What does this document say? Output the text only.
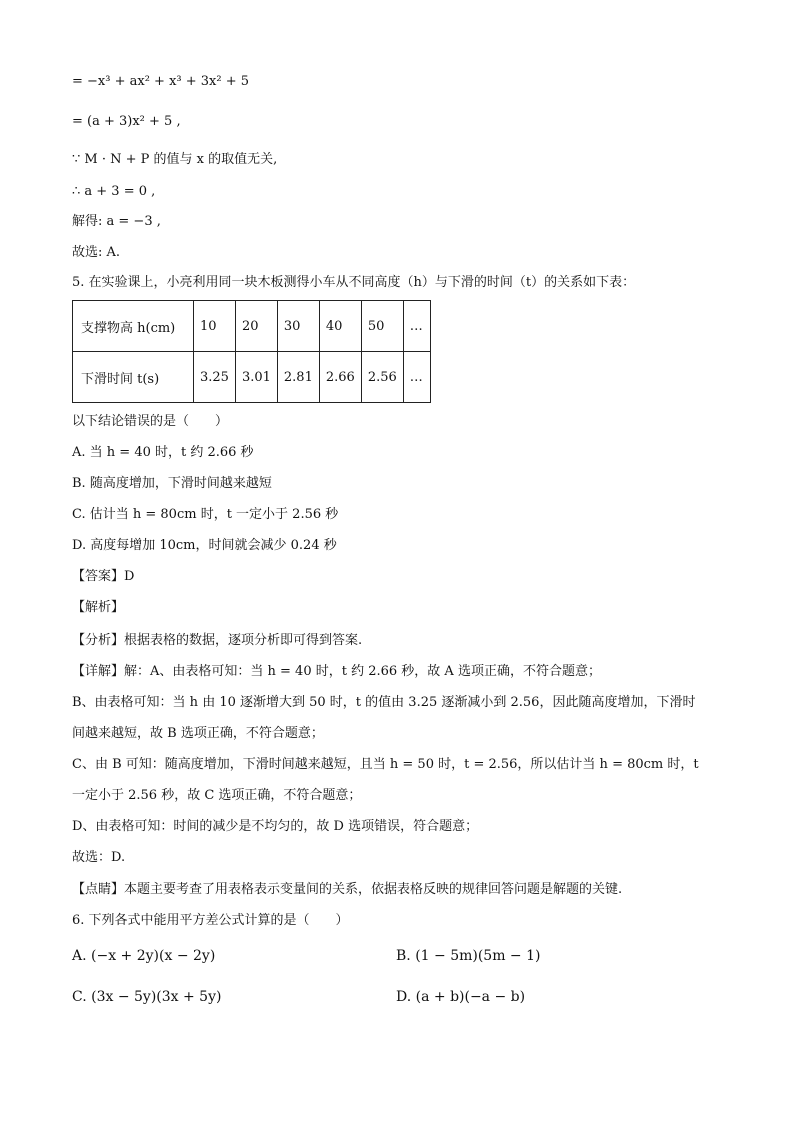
= −x³ + ax² + x³ + 3x² + 5
= (a + 3)x² + 5 ,
∵ M · N + P 的值与 x 的取值无关,
∴ a + 3 = 0 ,
解得: a = −3 ,
故选: A.
5. 在实验课上，小亮利用同一块木板测得小车从不同高度（h）与下滑的时间（t）的关系如下表：
支撑物高 h(cm)	10	20	30	40	50	…
下滑时间 t(s)	3.25	3.01	2.81	2.66	2.56	…
以下结论错误的是（　　）
A. 当 h = 40 时，t 约 2.66 秒
B. 随高度增加，下滑时间越来越短
C. 估计当 h = 80cm 时，t 一定小于 2.56 秒
D. 高度每增加 10cm，时间就会减少 0.24 秒
【答案】D
【解析】
【分析】根据表格的数据，逐项分析即可得到答案.
【详解】解：A、由表格可知：当 h = 40 时，t 约 2.66 秒，故 A 选项正确，不符合题意；
B、由表格可知：当 h 由 10 逐渐增大到 50 时，t 的值由 3.25 逐渐减小到 2.56，因此随高度增加，下滑时
间越来越短，故 B 选项正确，不符合题意；
C、由 B 可知：随高度增加，下滑时间越来越短，且当 h = 50 时，t = 2.56，所以估计当 h = 80cm 时，t
一定小于 2.56 秒，故 C 选项正确，不符合题意；
D、由表格可知：时间的减少是不均匀的，故 D 选项错误，符合题意；
故选：D.
【点睛】本题主要考查了用表格表示变量间的关系，依据表格反映的规律回答问题是解题的关键.
6. 下列各式中能用平方差公式计算的是（　　）
A. (−x + 2y)(x − 2y)	B. (1 − 5m)(5m − 1)
C. (3x − 5y)(3x + 5y)	D. (a + b)(−a − b)
